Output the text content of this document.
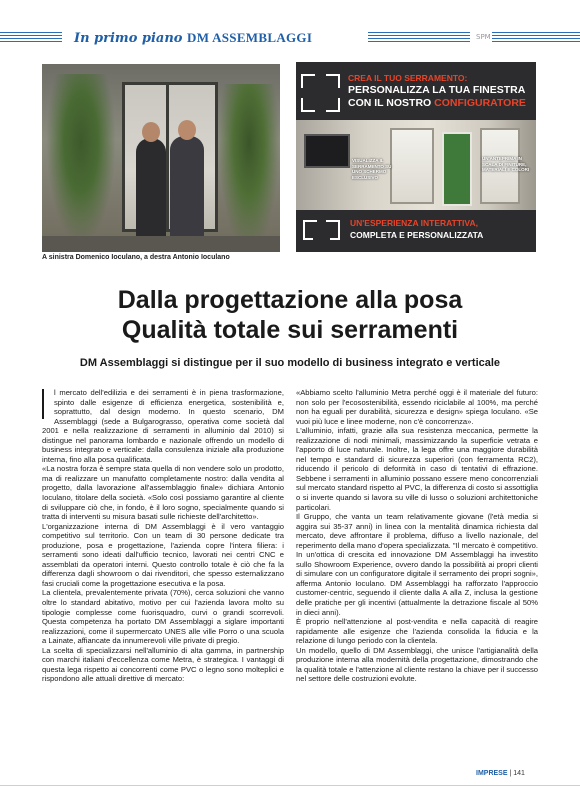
In primo piano DM ASSEMBLAGGI	SPM
A sinistra Domenico Ioculano, a destra Antonio Ioculano
CREA IL TUO SERRAMENTO:
PERSONALIZZA LA TUA FINESTRA
CON IL NOSTRO CONFIGURATORE
VISUALIZZA IL SERRAMENTO SU UNO SCHERMO ESCLUSIVO
UN'ANTEPRIMA IN SCALA DI FINITURE, MATERIALI E COLORI
UN'ESPERIENZA INTERATTIVA,
COMPLETA E PERSONALIZZATA
Dalla progettazione alla posa
Qualità totale sui serramenti
DM Assemblaggi si distingue per il suo modello di business integrato e verticale

l mercato dell'edilizia e dei serramenti è in piena trasformazione, spinto dalle esigenze di efficienza energetica, sostenibilità e, soprattutto, dal design moderno. In questo scenario, DM Assemblaggi (sede a Bulgarograsso, operativa come società dal 2001 e nella realizzazione di serramenti in alluminio dal 2010) si distingue nel panorama lombardo e nazionale offrendo un modello di business integrato e verticale: dalla consulenza iniziale alla produzione interna, fino alla posa qualificata.

«La nostra forza è sempre stata quella di non vendere solo un prodotto, ma di realizzare un manufatto completamente nostro: dalla vendita al progetto, dalla lavorazione all'assemblaggio finale» dichiara Antonio Ioculano, titolare della società. «Solo così possiamo garantire al cliente di sviluppare ciò che, in fondo, è il loro sogno, specialmente quando si tratta di interventi su misura basati sulle richieste dell'architetto».

L'organizzazione interna di DM Assemblaggi è il vero vantaggio competitivo sul territorio. Con un team di 30 persone dedicate tra produzione, posa e progettazione, l'azienda copre l'intera filiera: i serramenti sono ideati dall'ufficio tecnico, lavorati nei centri CNC e assemblati da operatori interni. Questo controllo totale è ciò che fa la differenza dagli showroom o dai rivenditori, che spesso esternalizzano fasi cruciali come la progettazione esecutiva e la posa.

La clientela, prevalentemente privata (70%), cerca soluzioni che vanno oltre lo standard abitativo, motivo per cui l'azienda lavora molto su tipologie complesse come fuorisquadro, curvi o grandi scorrevoli. Questa competenza ha portato DM Assemblaggi a siglare importanti realizzazioni, come il supermercato UNES alle ville Porro o una scuola a Lainate, affiancate da innumerevoli ville private di pregio.

La scelta di specializzarsi nell'alluminio di alta gamma, in partnership con marchi italiani d'eccellenza come Metra, è strategica. I vantaggi di questa lega rispetto ai concorrenti come PVC o legno sono molteplici e rispondono alle attuali direttive di mercato:

«Abbiamo scelto l'alluminio Metra perché oggi è il materiale del futuro: non solo per l'ecosostenibilità, essendo riciclabile al 100%, ma perché non ha eguali per durabilità, sicurezza e design» spiega Ioculano. «Se vuoi più luce e linee moderne, non c'è concorrenza».

L'alluminio, infatti, grazie alla sua resistenza meccanica, permette la realizzazione di nodi minimali, massimizzando la superficie vetrata e l'apporto di luce naturale. Inoltre, la lega offre una maggiore durabilità nel tempo e standard di sicurezza superiori (con ferramenta RC2), riducendo il pericolo di deformità in caso di tentativi di effrazione. Sebbene i serramenti in alluminio possano essere meno concorrenziali sul mercato standard rispetto al PVC, la differenza di costo si assottiglia o si inverte quando si lavora su ville di lusso o soluzioni architettoniche particolari.

Il Gruppo, che vanta un team relativamente giovane (l'età media si aggira sui 35-37 anni) in linea con la mentalità dinamica richiesta dal mercato, deve affrontare il problema, diffuso a livello nazionale, del reperimento della mano d'opera specializzata. "Il mercato è competitivo. In un'ottica di crescita ed innovazione DM Assemblaggi ha investito sullo Showroom Experience, ovvero dando la possibilità ai propri clienti di simulare con un configuratore digitale il serramento dei propri sogni», afferma Antonio Ioculano. DM Assemblaggi ha rafforzato l'approccio customer-centric, seguendo il cliente dalla A alla Z, inclusa la gestione delle pratiche per gli incentivi (attualmente la detrazione fiscale al 50% in dieci anni).

È proprio nell'attenzione al post-vendita e nella capacità di reagire rapidamente alle esigenze che l'azienda consolida la fiducia e la relazione di lungo periodo con la clientela.

Un modello, quello di DM Assemblaggi, che unisce l'artigianalità della produzione interna alla modernità della progettazione, dimostrando che la qualità totale e l'attenzione al cliente restano la chiave per il successo nel settore delle costruzioni evolute.

IMPRESE | 141
